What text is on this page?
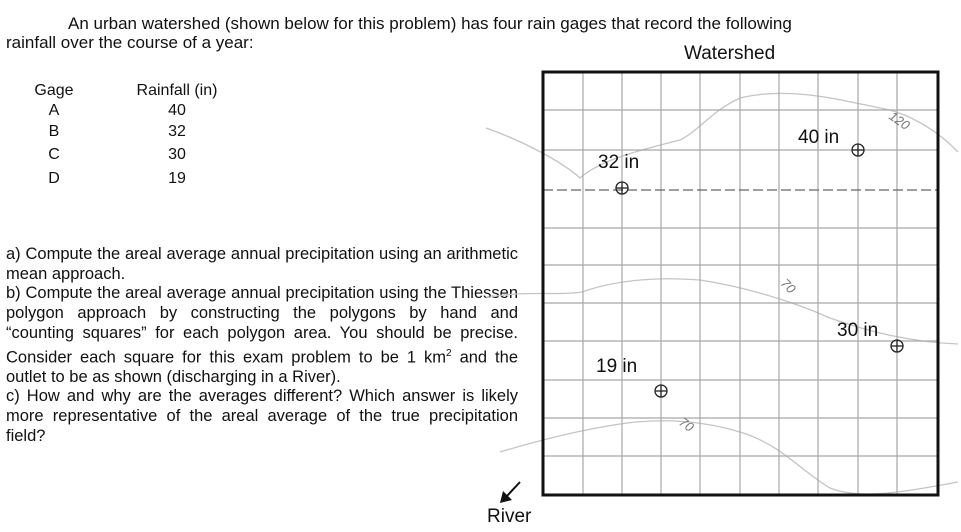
An urban watershed (shown below for this problem) has four rain gages that record the following
rainfall over the course of a year:
Gage	Rainfall (in)
A	40
B	32
C	30
D	19

a) Compute the areal average annual precipitation using an arithmetic mean approach.

b) Compute the areal average annual precipitation using the Thiessen polygon approach by constructing the polygons by hand and “counting squares” for each polygon area. You should be precise. Consider each square for this exam problem to be 1 $km^2$ and the outlet to be as shown (discharging in a River).

c) How and why are the averages different? Which answer is likely more representative of the areal average of the true precipitation field?

Watershed
40 in
32 in
30 in
19 in
120
70
70
River
